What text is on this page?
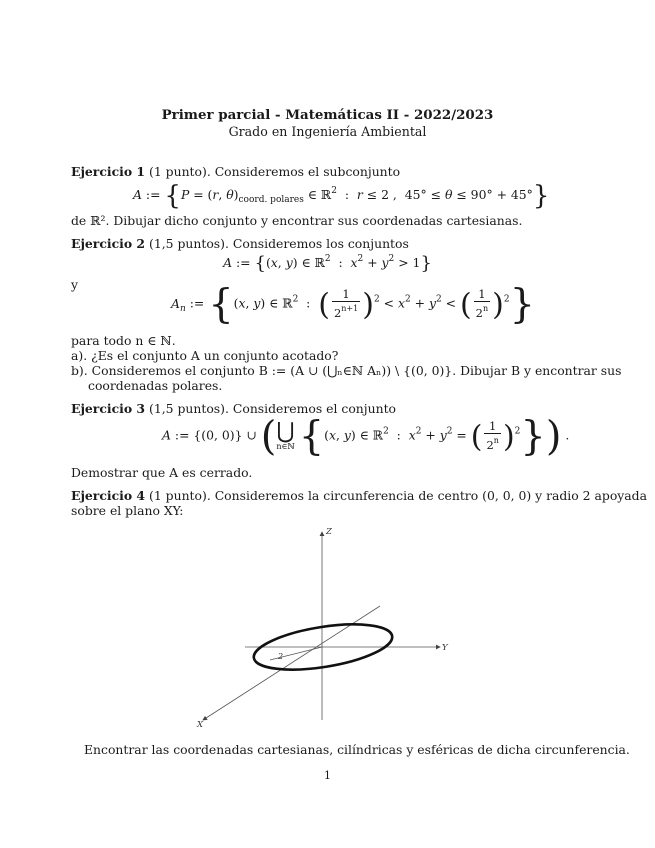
Primer parcial - Matemáticas II - 2022/2023
Grado en Ingeniería Ambiental
Ejercicio 1 (1 punto). Consideremos el subconjunto
A := {P = (r, $\theta)_{coord. polares}$ ∈ ℝ$^2$  :  r ≤ 2 ,  45° ≤ θ ≤ 90° + 45°}
de ℝ². Dibujar dicho conjunto y encontrar sus coordenadas cartesianas.
Ejercicio 2 (1,5 puntos). Consideremos los conjuntos
A := {(x, y) ∈ ℝ$^2$  :  $x^2 + y^2 > 1$}
y
$A_n$ := {(x, y) ∈ ℝ$^2$  :  ( $\frac{1}{2^{n+1}} )^2 < x^2 + y^2$ < ( $\frac{1}{2^n} )^2$}
para todo n ∈ ℕ.
a). ¿Es el conjunto A un conjunto acotado?
b). Consideremos el conjunto B := (A ∪ (⋃ₙ∈ℕ Aₙ)) \ {(0, 0)}. Dibujar B y encontrar sus
coordenadas polares.
Ejercicio 3 (1,5 puntos). Consideremos el conjunto
A := {(0, 0)} ∪ ( ⋃
n∈ℕ {(x, y) ∈ ℝ$^2$  :  $x^2 + y^2$ = ( $\frac{1}{2^n} )^2$}) .
Demostrar que A es cerrado.
Ejercicio 4 (1 punto). Consideremos la circunferencia de centro (0, 0, 0) y radio 2 apoyada
sobre el plano XY:
Z
Y
X
2
Encontrar las coordenadas cartesianas, cilíndricas y esféricas de dicha circunferencia.
1
